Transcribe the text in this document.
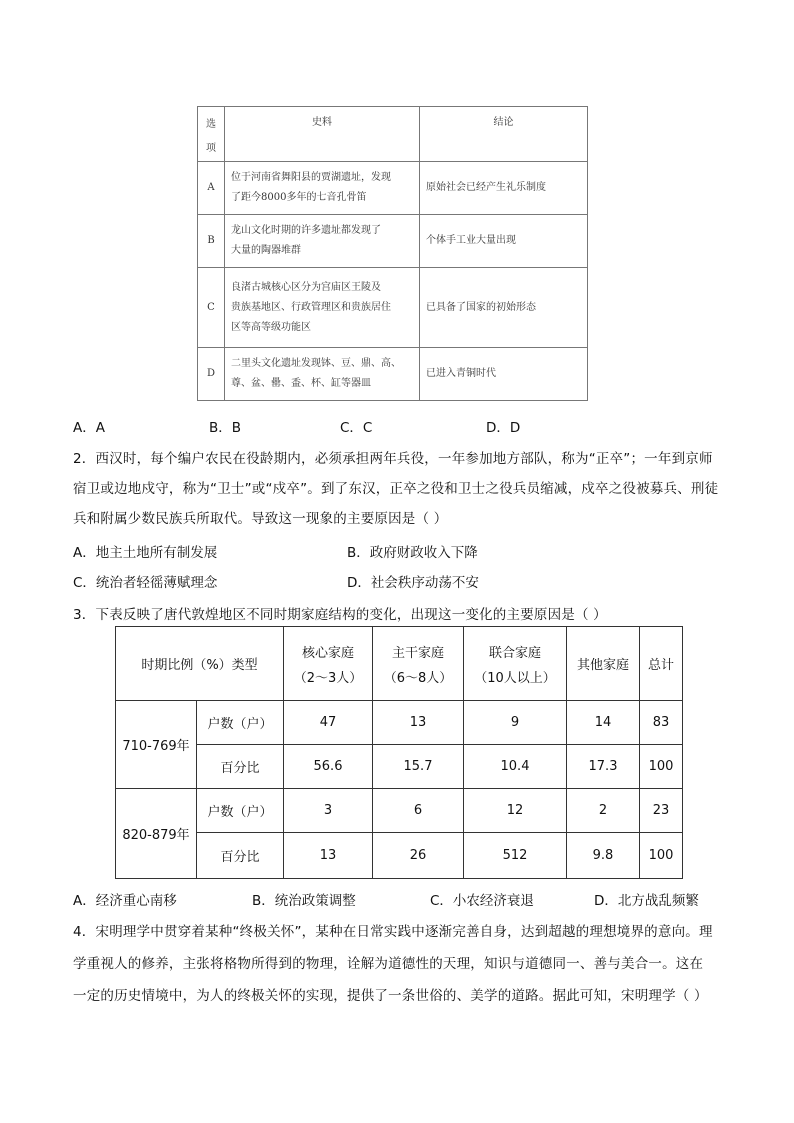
选项	史料	结论
A	位于河南省舞阳县的贾湖遗址，发现
了距今8000多年的七音孔骨笛	原始社会已经产生礼乐制度
B	龙山文化时期的许多遗址都发现了
大量的陶器堆群	个体手工业大量出现
C	良渚古城核心区分为宫庙区王陵及
贵族基地区、行政管理区和贵族居住
区等高等级功能区	已具备了国家的初始形态
D	二里头文化遗址发现钵、豆、鼎、高、
尊、盆、罍、盉、杯、缸等器皿	已进入青铜时代
A．A	B．B	C．C	D．D
2．西汉时，每个编户农民在役龄期内，必须承担两年兵役，一年参加地方部队，称为“正卒”；一年到京师
宿卫或边地戍守，称为“卫士”或“戍卒”。到了东汉，正卒之役和卫士之役兵员缩减，戍卒之役被募兵、刑徒
兵和附属少数民族兵所取代。导致这一现象的主要原因是（ ）
A．地主土地所有制发展	B．政府财政收入下降
C．统治者轻徭薄赋理念	D．社会秩序动荡不安
3．下表反映了唐代敦煌地区不同时期家庭结构的变化，出现这一变化的主要原因是（ ）
时期比例（%）类型		核心家庭
（2～3人）	主干家庭
（6～8人）	联合家庭
（10人以上）	其他家庭	总计
710-769年	户数（户）	47	13	9	14	83
	百分比	56.6	15.7	10.4	17.3	100
820-879年	户数（户）	3	6	12	2	23
	百分比	13	26	512	9.8	100
A．经济重心南移	B．统治政策调整	C．小农经济衰退	D．北方战乱频繁
4．宋明理学中贯穿着某种“终极关怀”，某种在日常实践中逐渐完善自身，达到超越的理想境界的意向。理
学重视人的修养，主张将格物所得到的物理，诠解为道德性的天理，知识与道德同一、善与美合一。这在
一定的历史情境中，为人的终极关怀的实现，提供了一条世俗的、美学的道路。据此可知，宋明理学（ ）
